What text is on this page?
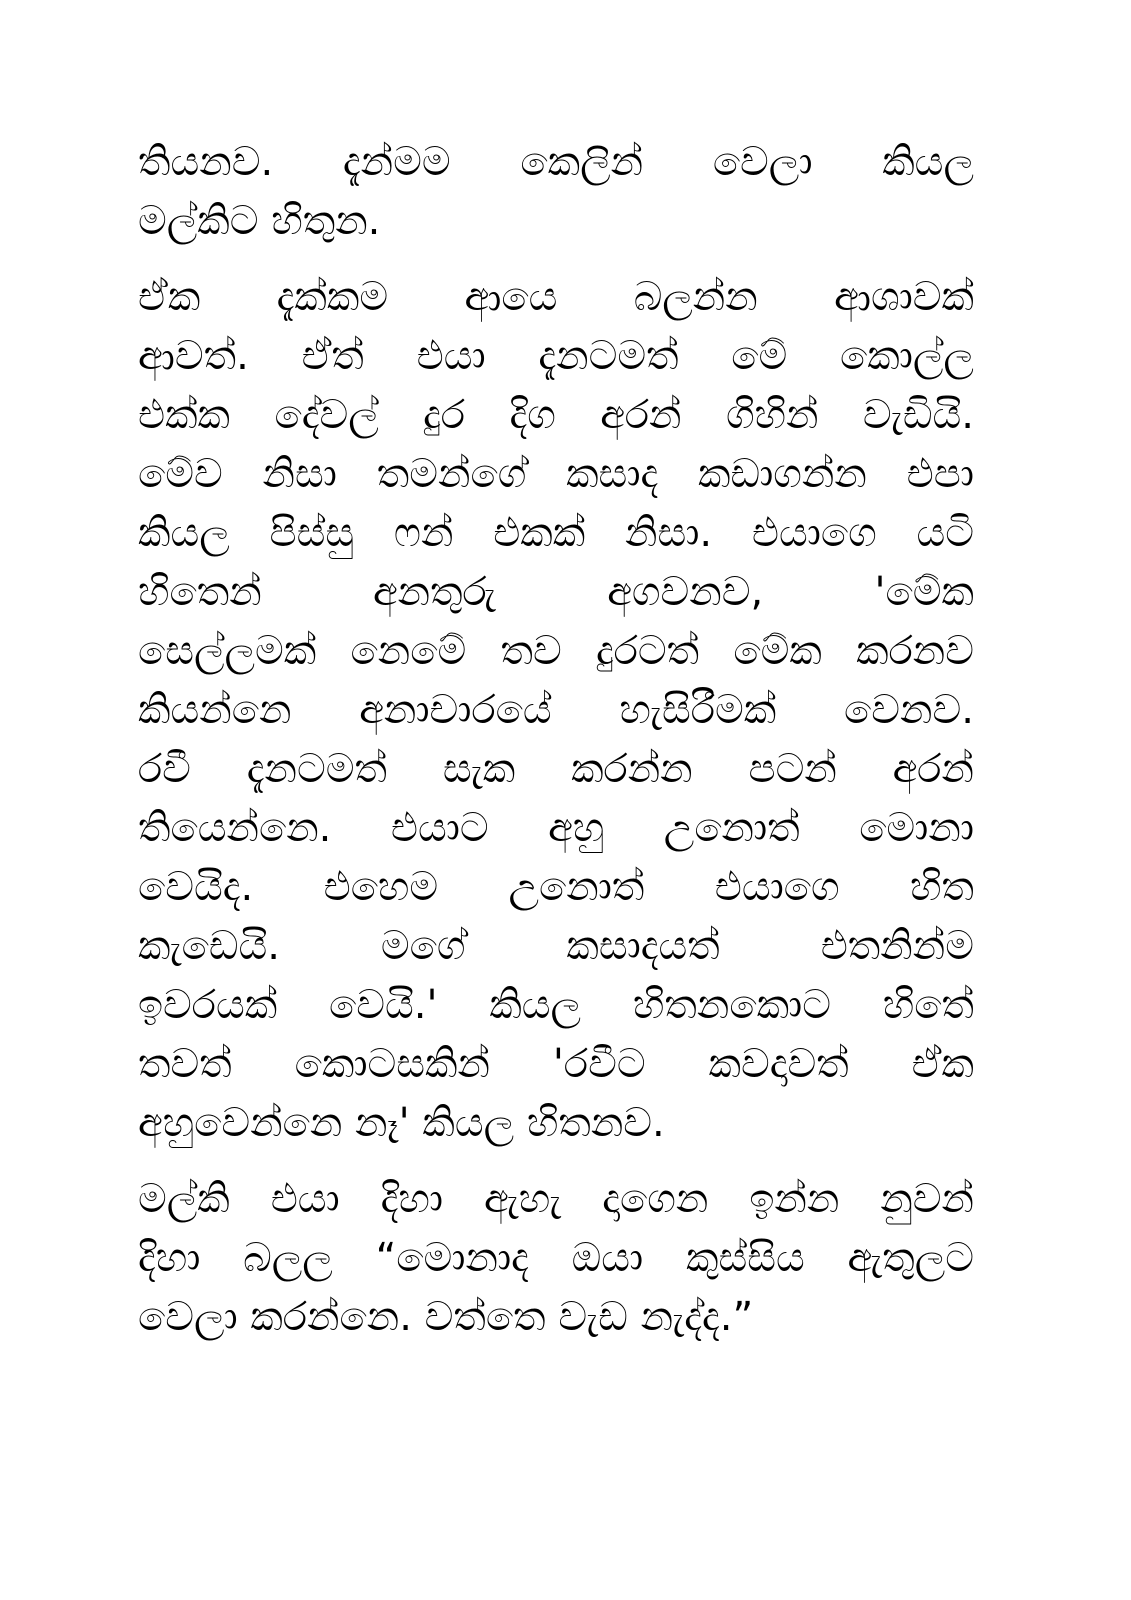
තියනව. දැන්මම කෙලින් වෙලා කියල
මල්කිට හිතුන.
ඒක දැක්කම ආයෙ බලන්න ආශාවක්
ආවත්. ඒත් එයා දැනටමත් මේ කොල්ල
එක්ක දේවල් දුර දිග අරන් ගිහින් වැඩියි.
මේව නිසා තමන්ගේ කසාද කඩාගන්න එපා
කියල පිස්සු ෆන් එකක් නිසා. එයාගෙ යටි
හිතෙන්	අනතුරු	අගවනව,	'මේක
සෙල්ලමක් නෙමේ තව දුරටත් මේක කරනව
කියන්නෙ අනාචාරයේ හැසිරීමක් වෙනව.
රවී දැනටමත් සැක කරන්න පටන් අරන්
තියෙන්නෙ. එයාට අහු උනොත් මොනා
වෙයිද. එහෙම උනොත් එයාගෙ හිත
කැඩෙයි.	මගේ	කසාදයත්	එතනින්ම
ඉවරයක් වෙයි.' කියල හිතනකොට හිතේ
තවත් කොටසකින් 'රවීට කවදාවත් ඒක
අහුවෙන්නෙ නෑ' කියල හිතනව.
මල්කි එයා දිහා ඇහැ දාගෙන ඉන්න නුවන්
දිහා බලල “මොනාද ඔයා කුස්සිය ඇතුලට
වෙලා කරන්නෙ. වත්තෙ වැඩ නැද්ද.”
